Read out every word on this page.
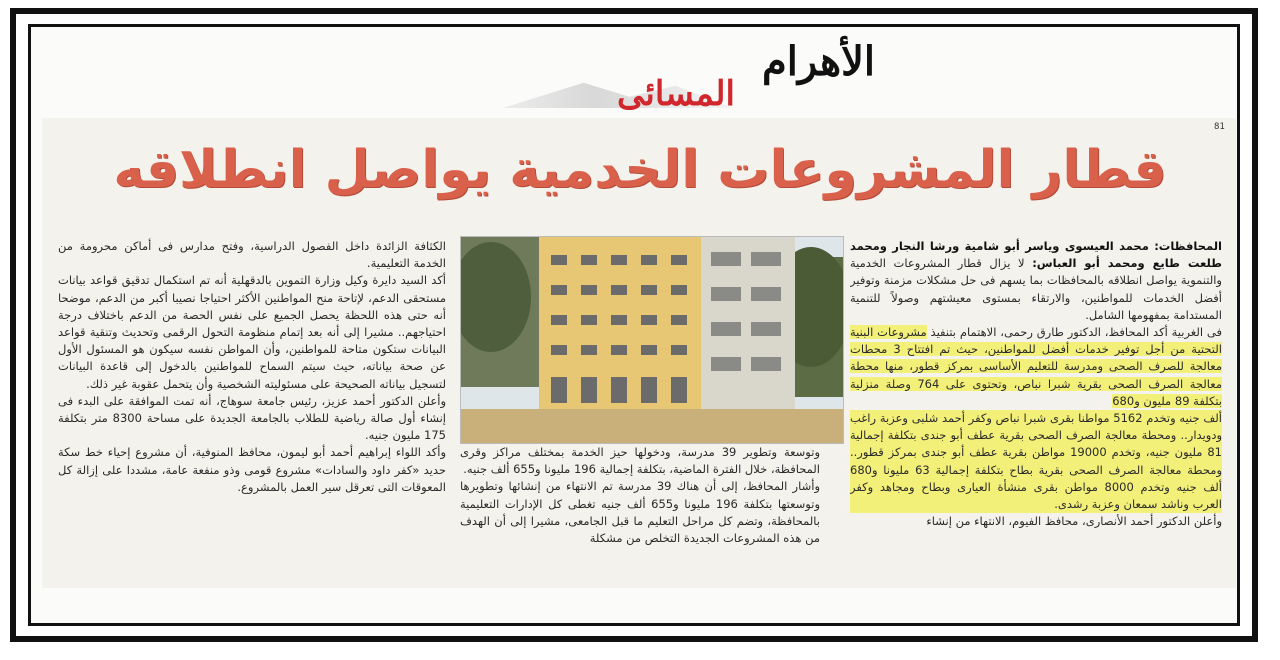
الأهرام
المسائى
81
قطار المشروعات الخدمية يواصل انطلاقه

المحافظات: محمد العيسوى وياسر أبو شامية ورشا النجار ومحمد طلعت طايع ومحمد أبو العباس: لا يزال قطار المشروعات الخدمية والتنموية يواصل انطلاقه بالمحافظات بما يسهم فى حل مشكلات مزمنة وتوفير أفضل الخدمات للمواطنين، والارتقاء بمستوى معيشتهم وصولاً للتنمية المستدامة بمفهومها الشامل.

فى الغربية أكد المحافظ، الدكتور طارق رحمى، الاهتمام بتنفيذ مشروعات البنية التحتية من أجل توفير خدمات أفضل للمواطنين، حيث تم افتتاح 3 محطات معالجة للصرف الصحى ومدرسة للتعليم الأساسى بمركز قطور، منها محطة معالجة الصرف الصحى بقرية شبرا نباص، وتحتوى على 764 وصلة منزلية بتكلفة 89 مليون و680

ألف جنيه وتخدم 5162 مواطنا بقرى شبرا نباص وكفر أحمد شلبى وعزبة راغب ودويدار.. ومحطة معالجة الصرف الصحى بقرية عطف أبو جندى بتكلفة إجمالية 81 مليون جنيه، وتخدم 19000 مواطن بقرية عطف أبو جندى بمركز قطور.. ومحطة معالجة الصرف الصحى بقرية بطاح بتكلفة إجمالية 63 مليونا و680 ألف جنيه وتخدم 8000 مواطن بقرى منشأة العيارى وبطاح ومجاهد وكفر العرب وناشد سمعان وعزبة رشدى.

وأعلن الدكتور أحمد الأنصارى، محافظ الفيوم، الانتهاء من إنشاء

وتوسعة وتطوير 39 مدرسة، ودخولها حيز الخدمة بمختلف مراكز وقرى المحافظة، خلال الفترة الماضية، بتكلفة إجمالية 196 مليونا و655 ألف جنيه.

وأشار المحافظ، إلى أن هناك 39 مدرسة تم الانتهاء من إنشائها وتطويرها وتوسعتها بتكلفة 196 مليونا و655 ألف جنيه تغطى كل الإدارات التعليمية بالمحافظة، وتضم كل مراحل التعليم ما قبل الجامعى، مشيرا إلى أن الهدف من هذه المشروعات الجديدة التخلص من مشكلة

الكثافة الزائدة داخل الفصول الدراسية، وفتح مدارس فى أماكن محرومة من الخدمة التعليمية.

أكد السيد دايرة وكيل وزارة التموين بالدقهلية أنه تم استكمال تدقيق قواعد بيانات مستحقى الدعم، لإتاحة منح المواطنين الأكثر احتياجا نصيبا أكبر من الدعم، موضحا أنه حتى هذه اللحظة يحصل الجميع على نفس الحصة من الدعم باختلاف درجة احتياجهم.. مشيرا إلى أنه بعد إتمام منظومة التحول الرقمى وتحديث وتنقية قواعد البيانات ستكون متاحة للمواطنين، وأن المواطن نفسه سيكون هو المسئول الأول عن صحة بياناته، حيث سيتم السماح للمواطنين بالدخول إلى قاعدة البيانات لتسجيل بياناته الصحيحة على مسئوليته الشخصية وأن يتحمل عقوبة غير ذلك.

وأعلن الدكتور أحمد عزيز، رئيس جامعة سوهاج، أنه تمت الموافقة على البدء فى إنشاء أول صالة رياضية للطلاب بالجامعة الجديدة على مساحة 8300 متر بتكلفة 175 مليون جنيه.

وأكد اللواء إبراهيم أحمد أبو ليمون، محافظ المنوفية، أن مشروع إحياء خط سكة حديد «كفر داود والسادات» مشروع قومى وذو منفعة عامة، مشددا على إزالة كل المعوقات التى تعرقل سير العمل بالمشروع.
